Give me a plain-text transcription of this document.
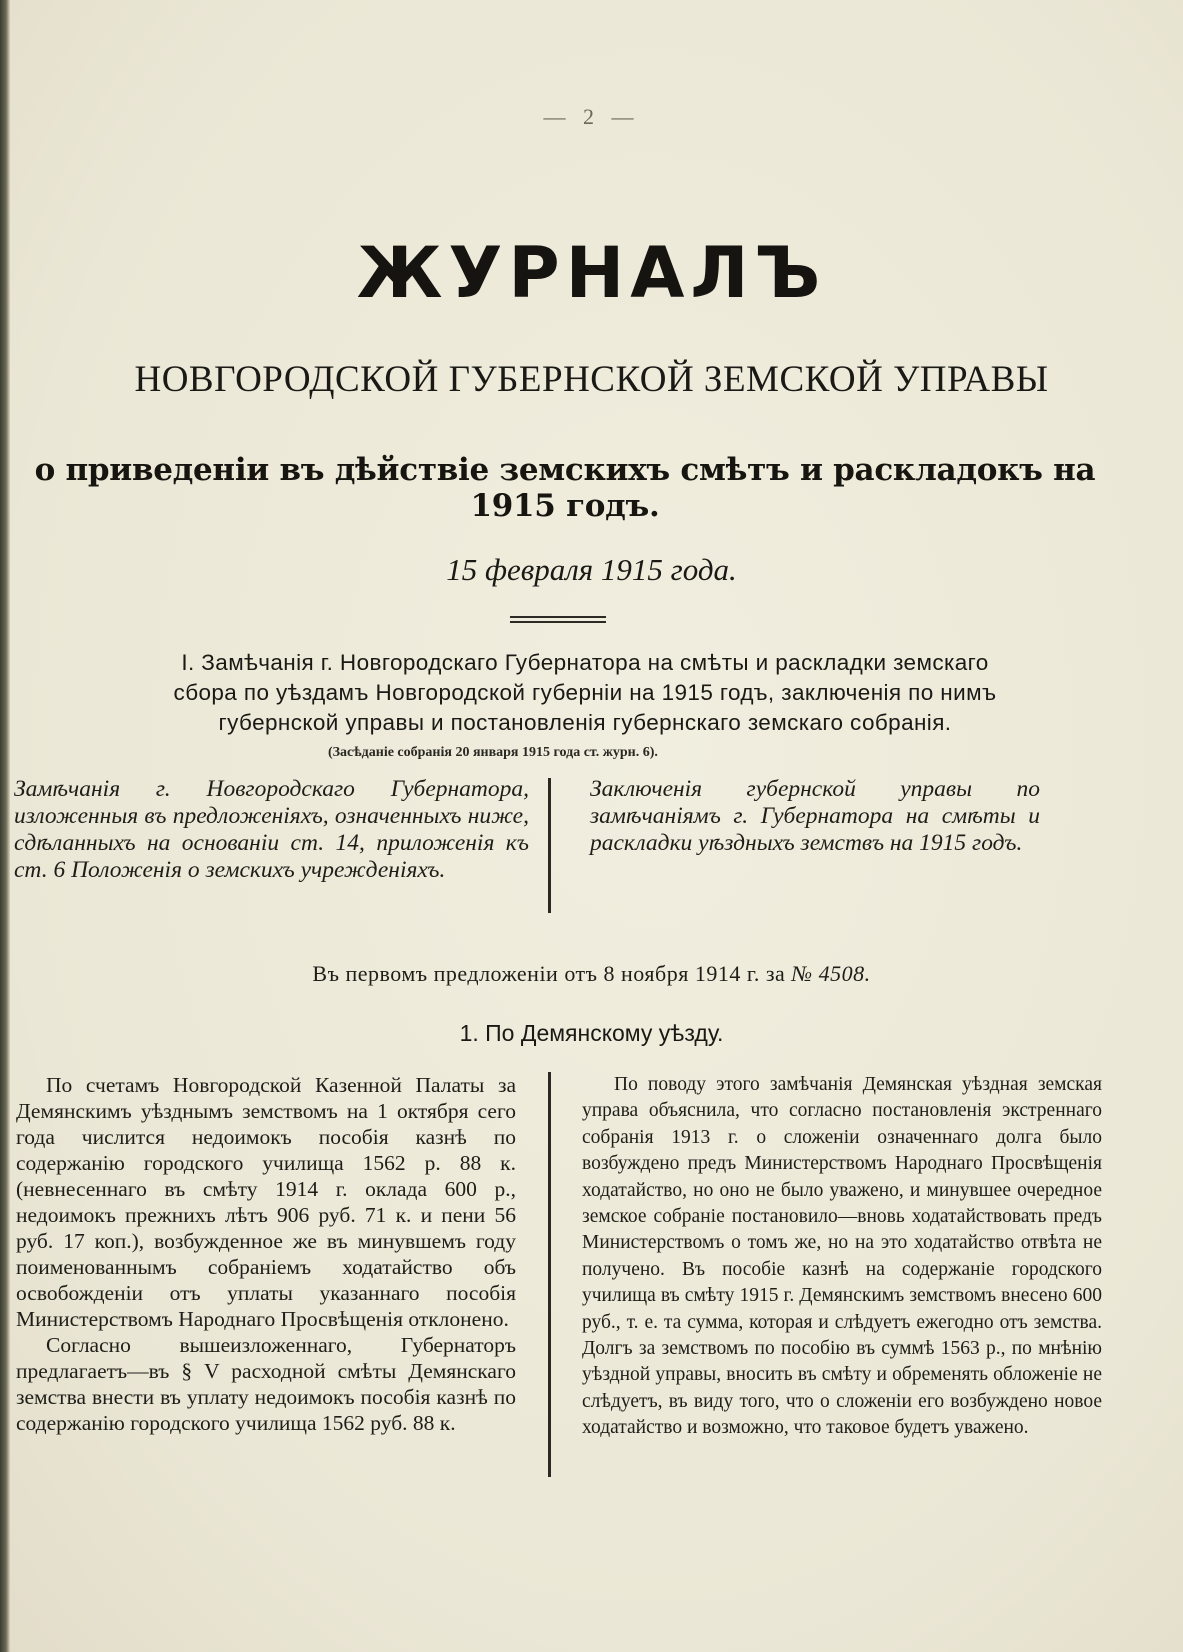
— 2 —
ЖУРНАЛЪ
НОВГОРОДСКОЙ ГУБЕРНСКОЙ ЗЕМСКОЙ УПРАВЫ
о приведеніи въ дѣйствіе земскихъ смѣтъ и раскладокъ на 1915 годъ.
15 февраля 1915 года.

I. Замѣчанія г. Новгородскаго Губернатора на смѣты и раскладки земскаго

сбора по уѣздамъ Новгородской губерніи на 1915 годъ, заключенія по нимъ

губернской управы и постановленія губернскаго земскаго собранія.

(Засѣданіе собранія 20 января 1915 года ст. журн. 6).

Замѣчанія г. Новгородскаго Губернатора, изложенныя въ предложеніяхъ, означенныхъ ниже, сдѣланныхъ на основаніи ст. 14, приложенія къ ст. 6 Положенія о земскихъ учрежденіяхъ.

Заключенія губернской управы по замѣчаніямъ г. Губернатора на смѣты и раскладки уѣздныхъ земствъ на 1915 годъ.

Въ первомъ предложеніи отъ 8 ноября 1914 г. за № 4508.
1. По Демянскому уѣзду.

По счетамъ Новгородской Казенной Палаты за Демянскимъ уѣзднымъ земствомъ на 1 октября сего года числится недоимокъ пособія казнѣ по содержанію городского училища 1562 р. 88 к. (невнесеннаго въ смѣту 1914 г. оклада 600 р., недоимокъ прежнихъ лѣтъ 906 руб. 71 к. и пени 56 руб. 17 коп.), возбужденное же въ минувшемъ году поименованнымъ собраніемъ ходатайство объ освобожденіи отъ уплаты указаннаго пособія Министерствомъ Народнаго Просвѣщенія отклонено.

Согласно вышеизложеннаго, Губернаторъ предлагаетъ—въ § V расходной смѣты Демянскаго земства внести въ уплату недоимокъ пособія казнѣ по содержанію городского училища 1562 руб. 88 к.

По поводу этого замѣчанія Демянская уѣздная земская управа объяснила, что согласно постановленія экстреннаго собранія 1913 г. о сложеніи означеннаго долга было возбуждено предъ Министерствомъ Народнаго Просвѣщенія ходатайство, но оно не было уважено, и минувшее очередное земское собраніе постановило—вновь ходатайствовать предъ Министерствомъ о томъ же, но на это ходатайство отвѣта не получено. Въ пособіе казнѣ на содержаніе городского училища въ смѣту 1915 г. Демянскимъ земствомъ внесено 600 руб., т. е. та сумма, которая и слѣдуетъ ежегодно отъ земства. Долгъ за земствомъ по пособію въ суммѣ 1563 р., по мнѣнію уѣздной управы, вносить въ смѣту и обременять обложеніе не слѣдуетъ, въ виду того, что о сложеніи его возбуждено новое ходатайство и возможно, что таковое будетъ уважено.
